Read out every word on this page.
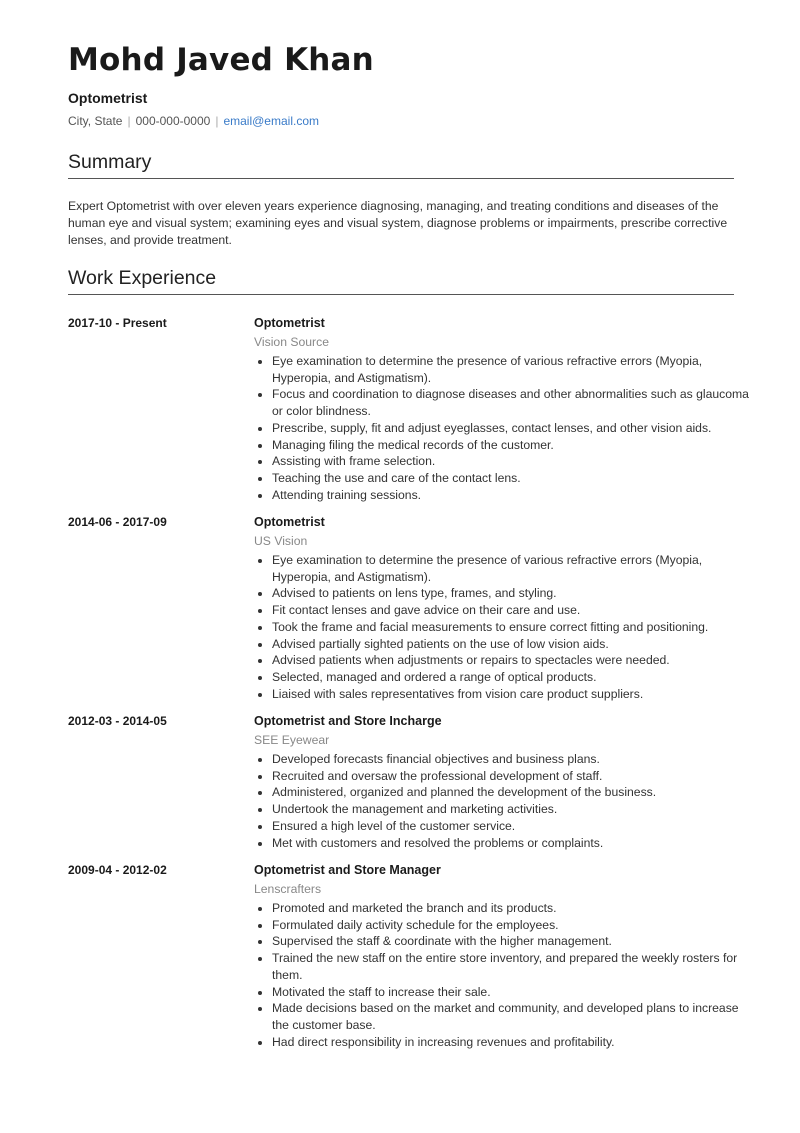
Mohd Javed Khan
Optometrist
City, State | 000-000-0000 | email@email.com
Summary
Expert Optometrist with over eleven years experience diagnosing, managing, and treating conditions and diseases of the human eye and visual system; examining eyes and visual system, diagnose problems or impairments, prescribe corrective lenses, and provide treatment.
Work Experience
2017-10 - Present	Optometrist
Vision Source
• Eye examination to determine the presence of various refractive errors (Myopia, Hyperopia, and Astigmatism).
• Focus and coordination to diagnose diseases and other abnormalities such as glaucoma or color blindness.
• Prescribe, supply, fit and adjust eyeglasses, contact lenses, and other vision aids.
• Managing filing the medical records of the customer.
• Assisting with frame selection.
• Teaching the use and care of the contact lens.
• Attending training sessions.
2014-06 - 2017-09	Optometrist
US Vision
• Eye examination to determine the presence of various refractive errors (Myopia, Hyperopia, and Astigmatism).
• Advised to patients on lens type, frames, and styling.
• Fit contact lenses and gave advice on their care and use.
• Took the frame and facial measurements to ensure correct fitting and positioning.
• Advised partially sighted patients on the use of low vision aids.
• Advised patients when adjustments or repairs to spectacles were needed.
• Selected, managed and ordered a range of optical products.
• Liaised with sales representatives from vision care product suppliers.
2012-03 - 2014-05	Optometrist and Store Incharge
SEE Eyewear
• Developed forecasts financial objectives and business plans.
• Recruited and oversaw the professional development of staff.
• Administered, organized and planned the development of the business.
• Undertook the management and marketing activities.
• Ensured a high level of the customer service.
• Met with customers and resolved the problems or complaints.
2009-04 - 2012-02	Optometrist and Store Manager
Lenscrafters
• Promoted and marketed the branch and its products.
• Formulated daily activity schedule for the employees.
• Supervised the staff & coordinate with the higher management.
• Trained the new staff on the entire store inventory, and prepared the weekly rosters for them.
• Motivated the staff to increase their sale.
• Made decisions based on the market and community, and developed plans to increase the customer base.
• Had direct responsibility in increasing revenues and profitability.
